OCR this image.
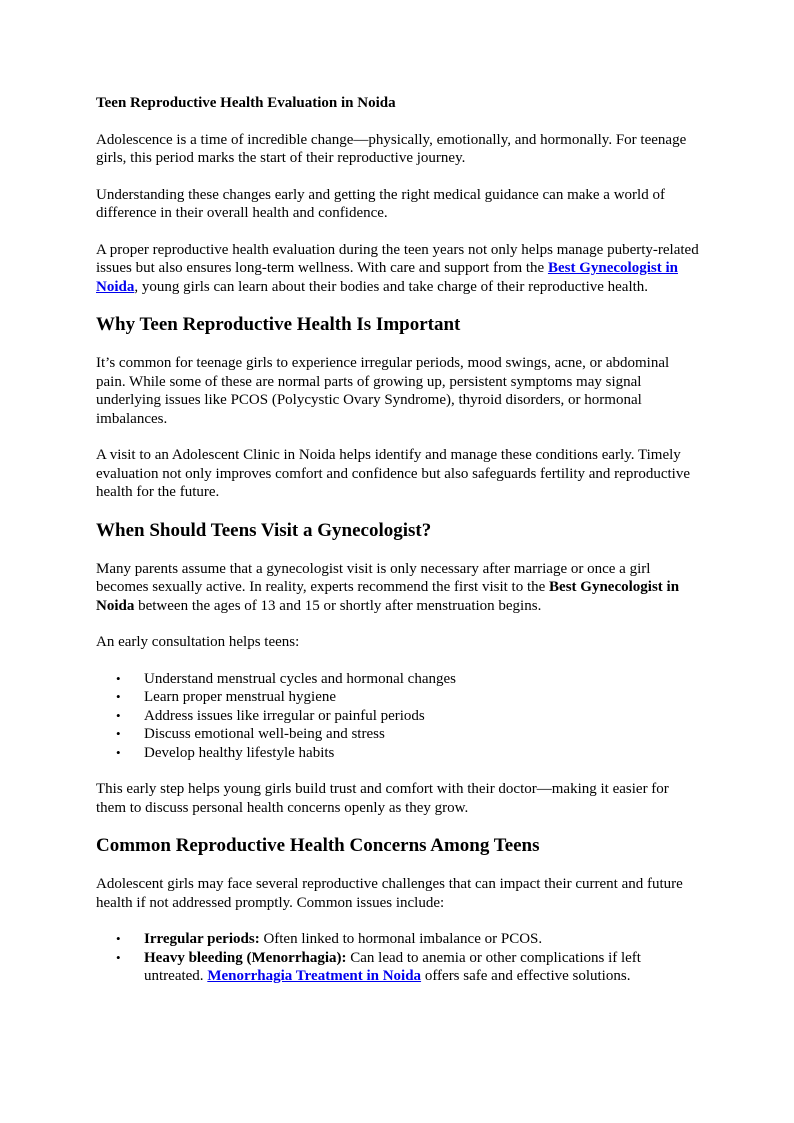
Teen Reproductive Health Evaluation in Noida

Adolescence is a time of incredible change—physically, emotionally, and hormonally. For teenage girls, this period marks the start of their reproductive journey.

Understanding these changes early and getting the right medical guidance can make a world of difference in their overall health and confidence.

A proper reproductive health evaluation during the teen years not only helps manage puberty-related issues but also ensures long-term wellness. With care and support from the Best Gynecologist in Noida, young girls can learn about their bodies and take charge of their reproductive health.

Why Teen Reproductive Health Is Important

It’s common for teenage girls to experience irregular periods, mood swings, acne, or abdominal pain. While some of these are normal parts of growing up, persistent symptoms may signal underlying issues like PCOS (Polycystic Ovary Syndrome), thyroid disorders, or hormonal imbalances.

A visit to an Adolescent Clinic in Noida helps identify and manage these conditions early. Timely evaluation not only improves comfort and confidence but also safeguards fertility and reproductive health for the future.

When Should Teens Visit a Gynecologist?

Many parents assume that a gynecologist visit is only necessary after marriage or once a girl becomes sexually active. In reality, experts recommend the first visit to the Best Gynecologist in Noida between the ages of 13 and 15 or shortly after menstruation begins.

An early consultation helps teens:

• Understand menstrual cycles and hormonal changes
• Learn proper menstrual hygiene
• Address issues like irregular or painful periods
• Discuss emotional well-being and stress
• Develop healthy lifestyle habits

This early step helps young girls build trust and comfort with their doctor—making it easier for them to discuss personal health concerns openly as they grow.

Common Reproductive Health Concerns Among Teens

Adolescent girls may face several reproductive challenges that can impact their current and future health if not addressed promptly. Common issues include:

• Irregular periods: Often linked to hormonal imbalance or PCOS.
• Heavy bleeding (Menorrhagia): Can lead to anemia or other complications if left untreated. Menorrhagia Treatment in Noida offers safe and effective solutions.
